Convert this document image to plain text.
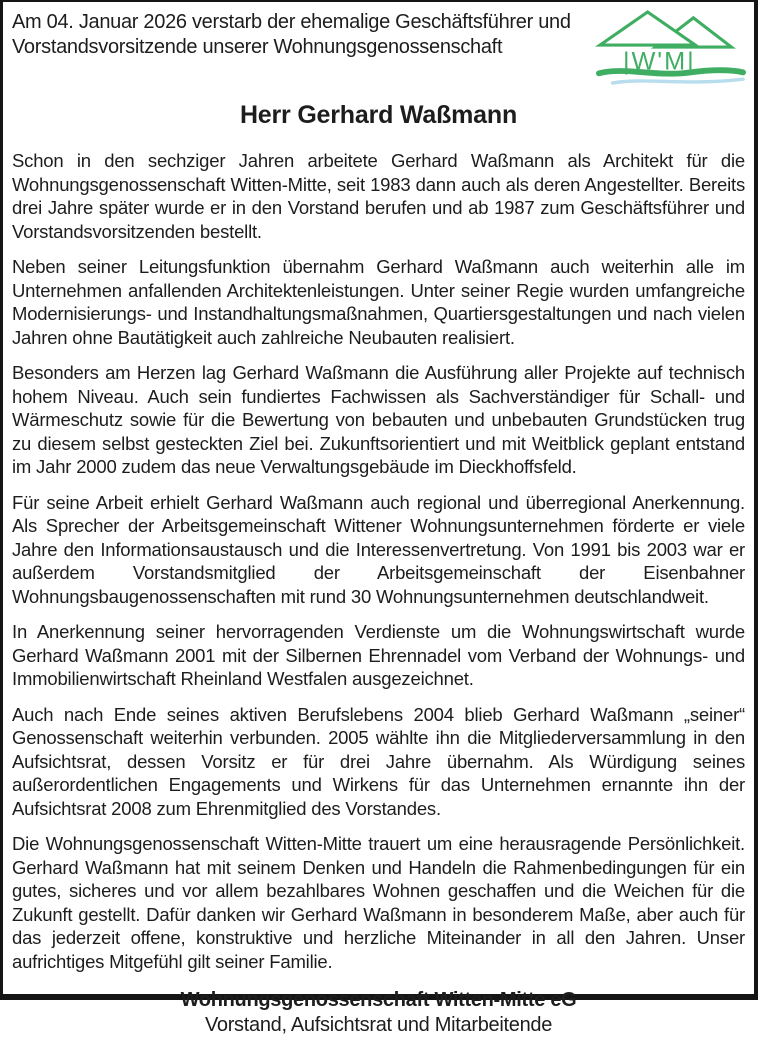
Am 04. Januar 2026 verstarb der ehemalige Geschäftsführer und Vorstandsvorsitzende unserer Wohnungsgenossenschaft
|W'M|
Herr Gerhard Waßmann

Schon in den sechziger Jahren arbeitete Gerhard Waßmann als Architekt für die Wohnungsgenossenschaft Witten-Mitte, seit 1983 dann auch als deren Angestellter. Bereits drei Jahre später wurde er in den Vorstand berufen und ab 1987 zum Geschäftsführer und Vorstandsvorsitzenden bestellt.

Neben seiner Leitungsfunktion übernahm Gerhard Waßmann auch weiterhin alle im Unternehmen anfallenden Architektenleistungen. Unter seiner Regie wurden umfangreiche Modernisierungs- und Instandhaltungsmaßnahmen, Quartiersgestaltungen und nach vielen Jahren ohne Bautätigkeit auch zahlreiche Neubauten realisiert.

Besonders am Herzen lag Gerhard Waßmann die Ausführung aller Projekte auf technisch hohem Niveau. Auch sein fundiertes Fachwissen als Sachverständiger für Schall- und Wärmeschutz sowie für die Bewertung von bebauten und unbebauten Grundstücken trug zu diesem selbst gesteckten Ziel bei. Zukunftsorientiert und mit Weitblick geplant entstand im Jahr 2000 zudem das neue Verwaltungsgebäude im Dieckhoffsfeld.

Für seine Arbeit erhielt Gerhard Waßmann auch regional und überregional Anerkennung. Als Sprecher der Arbeitsgemeinschaft Wittener Wohnungsunternehmen förderte er viele Jahre den Informationsaustausch und die Interessenvertretung. Von 1991 bis 2003 war er außerdem Vorstandsmitglied der Arbeitsgemeinschaft der Eisenbahner Wohnungsbaugenossenschaften mit rund 30 Wohnungsunternehmen deutschlandweit.

In Anerkennung seiner hervorragenden Verdienste um die Wohnungswirtschaft wurde Gerhard Waßmann 2001 mit der Silbernen Ehrennadel vom Verband der Wohnungs- und Immobilienwirtschaft Rheinland Westfalen ausgezeichnet.

Auch nach Ende seines aktiven Berufslebens 2004 blieb Gerhard Waßmann „seiner“ Genossenschaft weiterhin verbunden. 2005 wählte ihn die Mitgliederversammlung in den Aufsichtsrat, dessen Vorsitz er für drei Jahre übernahm. Als Würdigung seines außerordentlichen Engagements und Wirkens für das Unternehmen ernannte ihn der Aufsichtsrat 2008 zum Ehrenmitglied des Vorstandes.

Die Wohnungsgenossenschaft Witten-Mitte trauert um eine herausragende Persönlichkeit. Gerhard Waßmann hat mit seinem Denken und Handeln die Rahmenbedingungen für ein gutes, sicheres und vor allem bezahlbares Wohnen geschaffen und die Weichen für die Zukunft gestellt. Dafür danken wir Gerhard Waßmann in besonderem Maße, aber auch für das jederzeit offene, konstruktive und herzliche Miteinander in all den Jahren. Unser aufrichtiges Mitgefühl gilt seiner Familie.

Wohnungsgenossenschaft Witten-Mitte eG
Vorstand, Aufsichtsrat und Mitarbeitende
